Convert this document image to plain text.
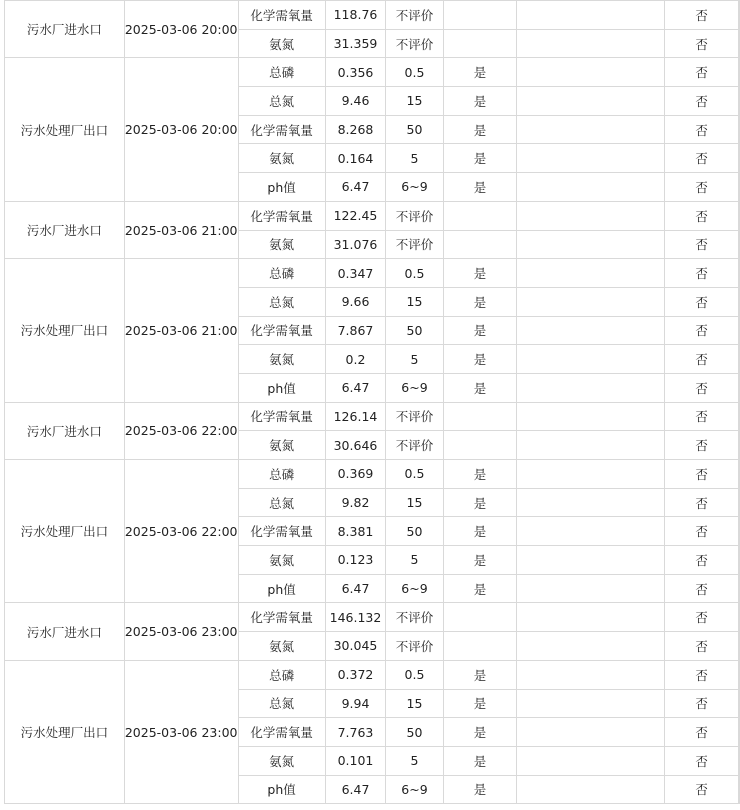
污水厂进水口	2025-03-06 20:00	化学需氧量	118.76	不评价			否	
		氨氮	31.359	不评价			否	
污水处理厂出口	2025-03-06 20:00	总磷	0.356	0.5	是		否	
		总氮	9.46	15	是		否	
		化学需氧量	8.268	50	是		否	
		氨氮	0.164	5	是		否	
		ph值	6.47	6~9	是		否	
污水厂进水口	2025-03-06 21:00	化学需氧量	122.45	不评价			否	
		氨氮	31.076	不评价			否	
污水处理厂出口	2025-03-06 21:00	总磷	0.347	0.5	是		否	
		总氮	9.66	15	是		否	
		化学需氧量	7.867	50	是		否	
		氨氮	0.2	5	是		否	
		ph值	6.47	6~9	是		否	
污水厂进水口	2025-03-06 22:00	化学需氧量	126.14	不评价			否	
		氨氮	30.646	不评价			否	
污水处理厂出口	2025-03-06 22:00	总磷	0.369	0.5	是		否	
		总氮	9.82	15	是		否	
		化学需氧量	8.381	50	是		否	
		氨氮	0.123	5	是		否	
		ph值	6.47	6~9	是		否	
污水厂进水口	2025-03-06 23:00	化学需氧量	146.132	不评价			否	
		氨氮	30.045	不评价			否	
污水处理厂出口	2025-03-06 23:00	总磷	0.372	0.5	是		否	
		总氮	9.94	15	是		否	
		化学需氧量	7.763	50	是		否	
		氨氮	0.101	5	是		否	
		ph值	6.47	6~9	是		否	
